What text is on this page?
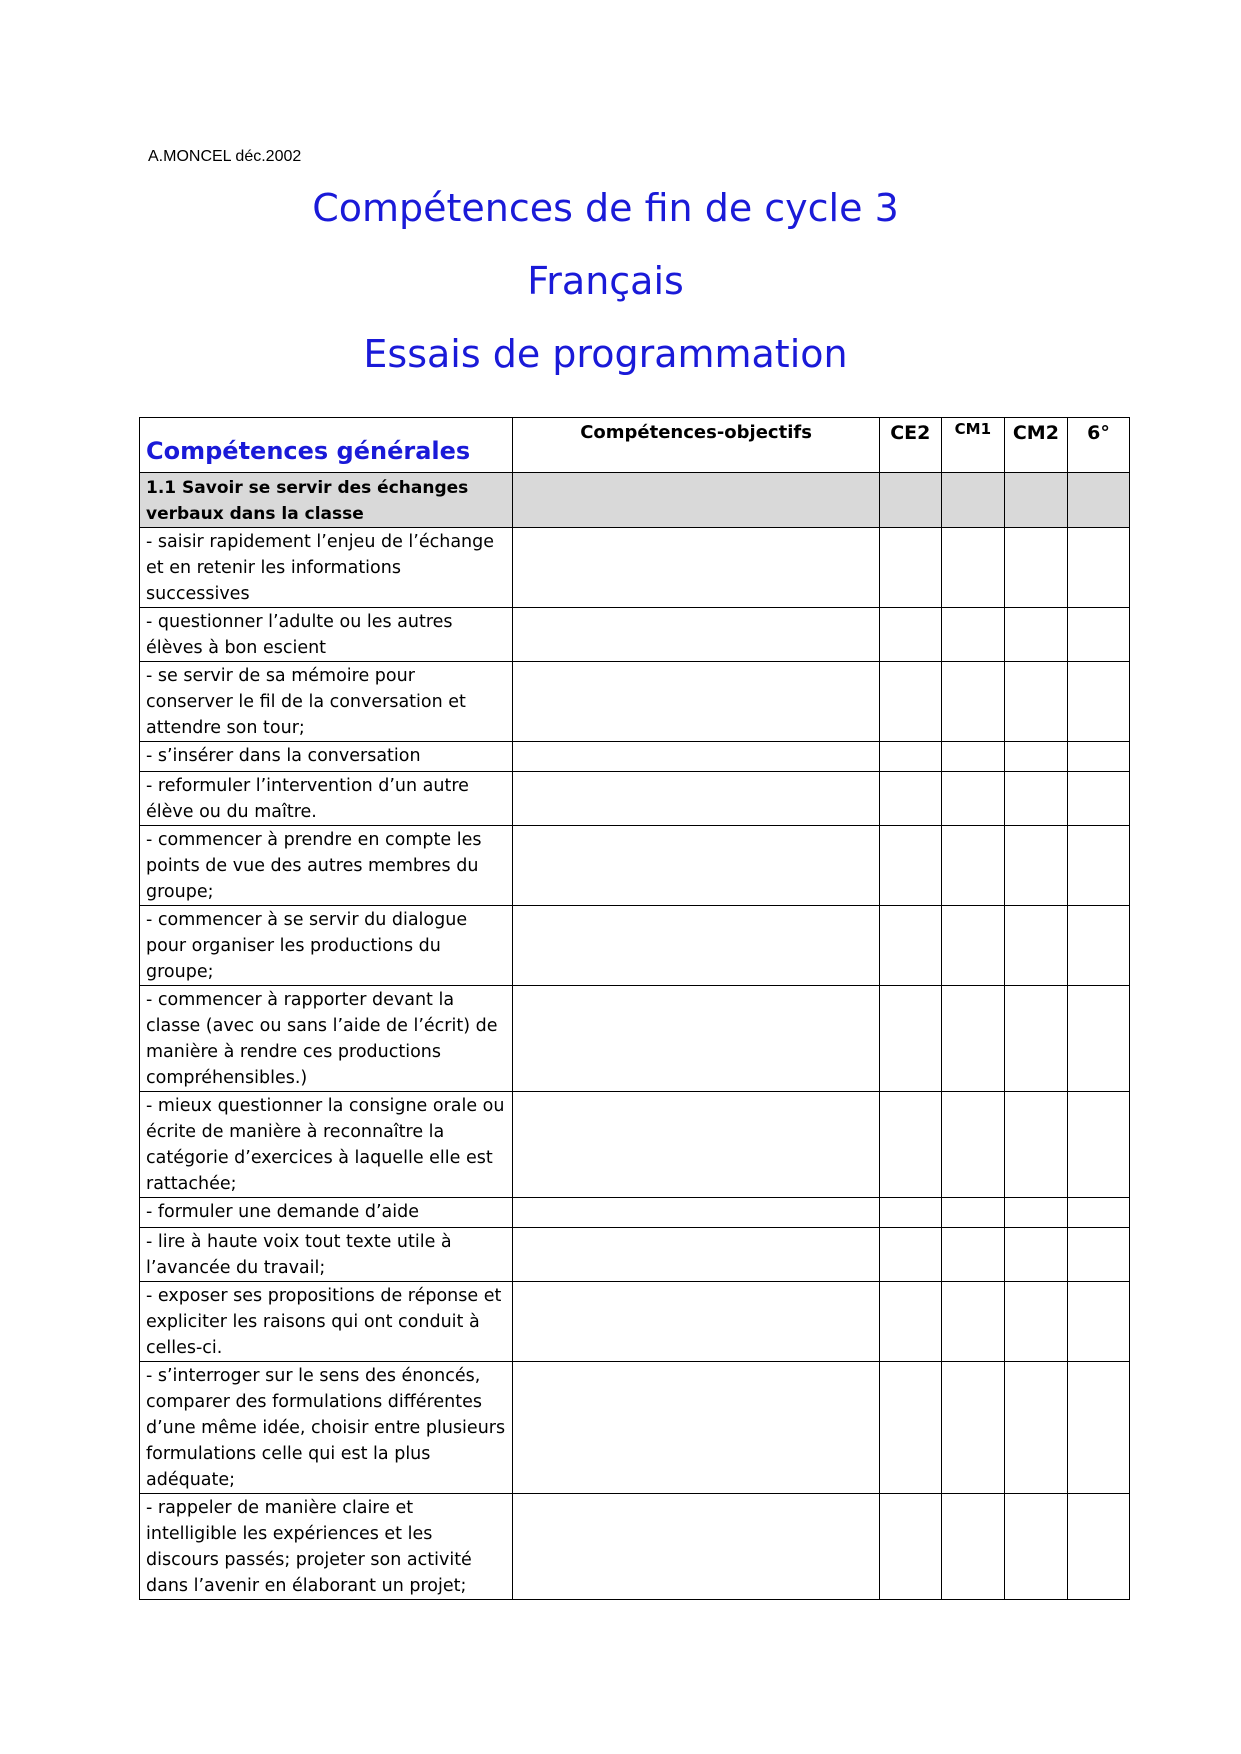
A.MONCEL déc.2002
Compétences de fin de cycle 3
Français
Essais de programmation
Compétences générales	Compétences-objectifs	CE2	CM1	CM2	6°
1.1 Savoir se servir des échanges verbaux dans la classe					
- saisir rapidement l’enjeu de l’échange et en retenir les informations successives					
- questionner l’adulte ou les autres élèves à bon escient					
- se servir de sa mémoire pour conserver le fil de la conversation et attendre son tour;					
- s’insérer dans la conversation					
- reformuler l’intervention d’un autre élève ou du maître.					
- commencer à prendre en compte les points de vue des autres membres du groupe;					
- commencer à se servir du dialogue pour organiser les productions du groupe;					
- commencer à rapporter devant la classe (avec ou sans l’aide de l’écrit) de manière à rendre ces productions compréhensibles.)					
- mieux questionner la consigne orale ou écrite de manière à reconnaître la catégorie d’exercices à laquelle elle est rattachée;					
- formuler une demande d’aide					
- lire à haute voix tout texte utile à l’avancée du travail;					
- exposer ses propositions de réponse et expliciter les raisons qui ont conduit à celles-ci.					
- s’interroger sur le sens des énoncés, comparer des formulations différentes d’une même idée, choisir entre plusieurs formulations celle qui est la plus adéquate;					
- rappeler de manière claire et intelligible les expériences et les discours passés; projeter son activité dans l’avenir en élaborant un projet;					
